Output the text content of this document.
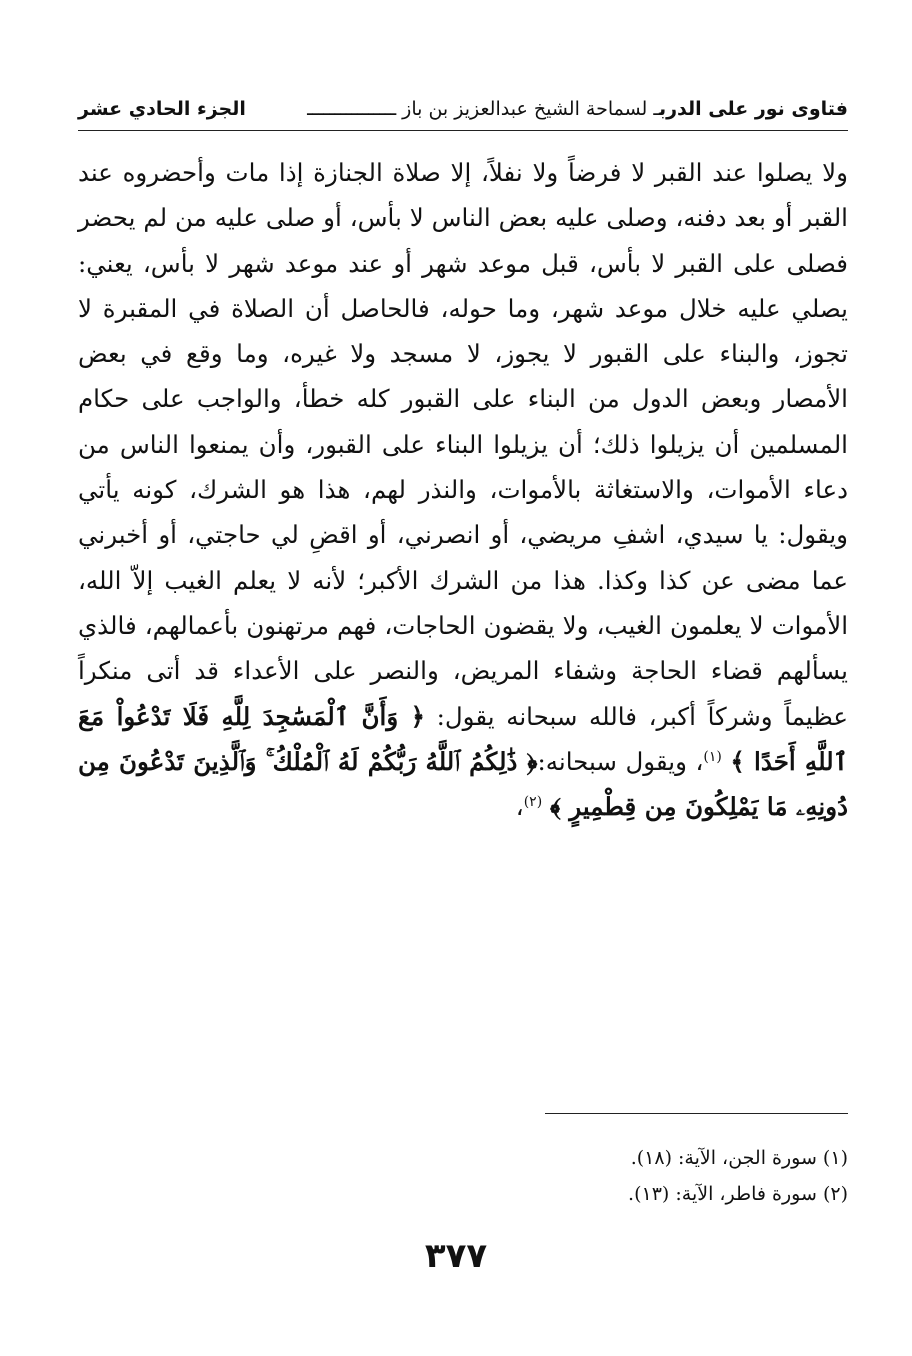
فتاوى نور على الدربـ لسماحة الشيخ عبدالعزيز بن باز ــــــــــــــــ
الجزء الحادي عشر

ولا يصلوا عند القبر لا فرضاً ولا نفلاً، إلا صلاة الجنازة إذا مات وأحضروه عند القبر أو بعد دفنه، وصلى عليه بعض الناس لا بأس، أو صلى عليه من لم يحضر فصلى على القبر لا بأس، قبل موعد شهر أو عند موعد شهر لا بأس، يعني: يصلي عليه خلال موعد شهر، وما حوله، فالحاصل أن الصلاة في المقبرة لا تجوز، والبناء على القبور لا يجوز، لا مسجد ولا غيره، وما وقع في بعض الأمصار وبعض الدول من البناء على القبور كله خطأ، والواجب على حكام المسلمين أن يزيلوا ذلك؛ أن يزيلوا البناء على القبور، وأن يمنعوا الناس من دعاء الأموات، والاستغاثة بالأموات، والنذر لهم، هذا هو الشرك، كونه يأتي ويقول: يا سيدي، اشفِ مريضي، أو انصرني، أو اقضِ لي حاجتي، أو أخبرني عما مضى عن كذا وكذا. هذا من الشرك الأكبر؛ لأنه لا يعلم الغيب إلاّ الله، الأموات لا يعلمون الغيب، ولا يقضون الحاجات، فهم مرتهنون بأعمالهم، فالذي يسألهم قضاء الحاجة وشفاء المريض، والنصر على الأعداء قد أتى منكراً عظيماً وشركاً أكبر، فالله سبحانه يقول: ﴿ وَأَنَّ ٱلْمَسَٰجِدَ لِلَّهِ فَلَا تَدْعُواْ مَعَ ٱللَّهِ أَحَدًا ﴾ $^{(١)}$، ويقول سبحانه:﴿ ذَٰلِكُمُ ٱللَّهُ رَبُّكُمْ لَهُ ٱلْمُلْكُ ۚ وَٱلَّذِينَ تَدْعُونَ مِن دُونِهِۦ مَا يَمْلِكُونَ مِن قِطْمِيرٍ ﴾ $^{(٢)}$،

(١) سورة الجن، الآية: (١٨).
(٢) سورة فاطر، الآية: (١٣).
٣٧٧
